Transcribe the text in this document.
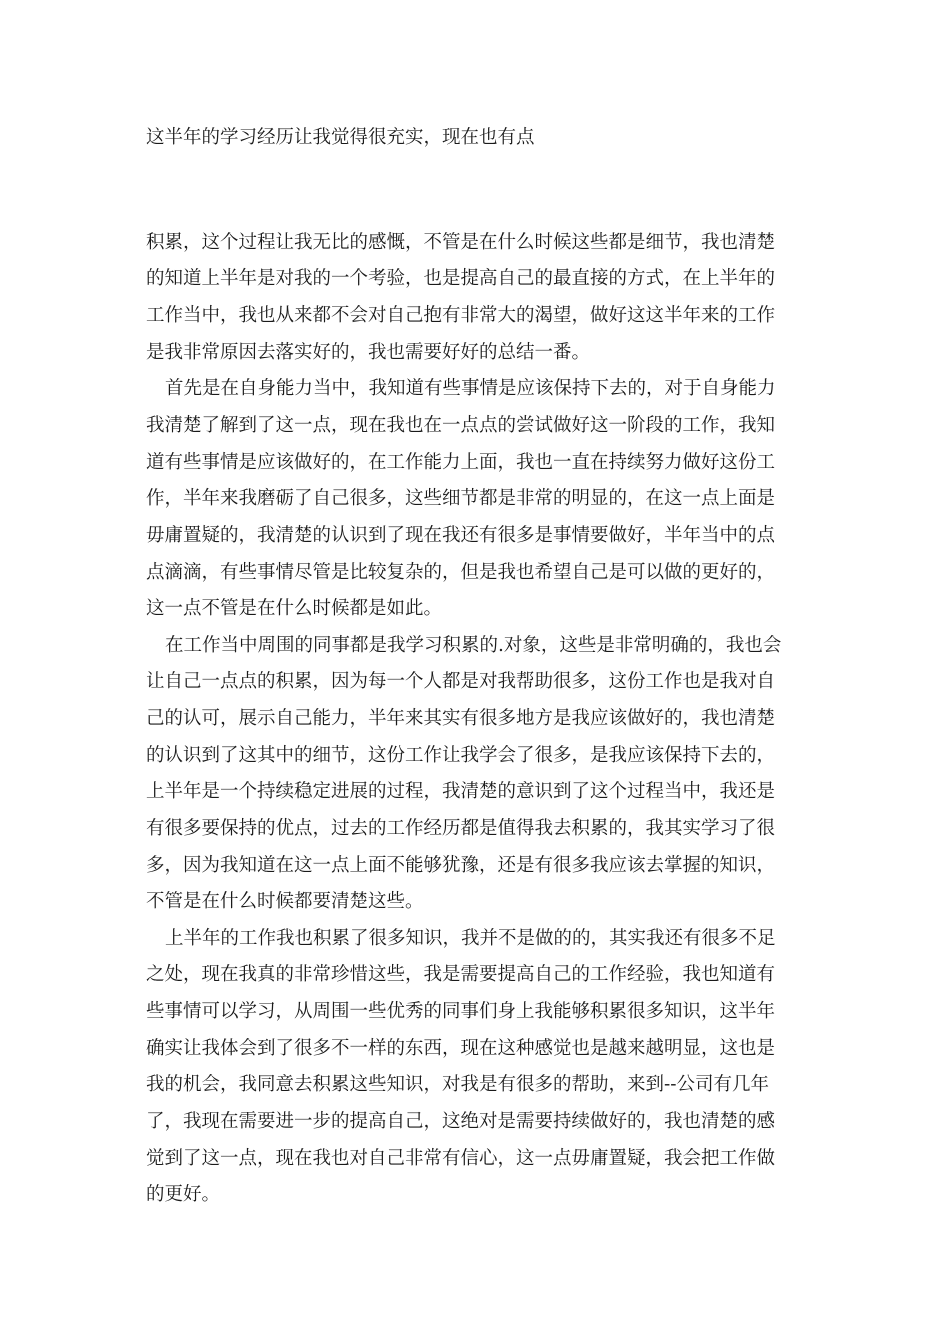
这半年的学习经历让我觉得很充实，现在也有点

积累，这个过程让我无比的感慨，不管是在什么时候这些都是细节，我也清楚

的知道上半年是对我的一个考验，也是提高自己的最直接的方式，在上半年的

工作当中，我也从来都不会对自己抱有非常大的渴望，做好这这半年来的工作

是我非常原因去落实好的，我也需要好好的总结一番。

首先是在自身能力当中，我知道有些事情是应该保持下去的，对于自身能力

我清楚了解到了这一点，现在我也在一点点的尝试做好这一阶段的工作，我知

道有些事情是应该做好的，在工作能力上面，我也一直在持续努力做好这份工

作，半年来我磨砺了自己很多，这些细节都是非常的明显的，在这一点上面是

毋庸置疑的，我清楚的认识到了现在我还有很多是事情要做好，半年当中的点

点滴滴，有些事情尽管是比较复杂的，但是我也希望自己是可以做的更好的，

这一点不管是在什么时候都是如此。

在工作当中周围的同事都是我学习积累的.对象，这些是非常明确的，我也会

让自己一点点的积累，因为每一个人都是对我帮助很多，这份工作也是我对自

己的认可，展示自己能力，半年来其实有很多地方是我应该做好的，我也清楚

的认识到了这其中的细节，这份工作让我学会了很多，是我应该保持下去的，

上半年是一个持续稳定进展的过程，我清楚的意识到了这个过程当中，我还是

有很多要保持的优点，过去的工作经历都是值得我去积累的，我其实学习了很

多，因为我知道在这一点上面不能够犹豫，还是有很多我应该去掌握的知识，

不管是在什么时候都要清楚这些。

上半年的工作我也积累了很多知识，我并不是做的的，其实我还有很多不足

之处，现在我真的非常珍惜这些，我是需要提高自己的工作经验，我也知道有

些事情可以学习，从周围一些优秀的同事们身上我能够积累很多知识，这半年

确实让我体会到了很多不一样的东西，现在这种感觉也是越来越明显，这也是

我的机会，我同意去积累这些知识，对我是有很多的帮助，来到--公司有几年

了，我现在需要进一步的提高自己，这绝对是需要持续做好的，我也清楚的感

觉到了这一点，现在我也对自己非常有信心，这一点毋庸置疑，我会把工作做

的更好。
